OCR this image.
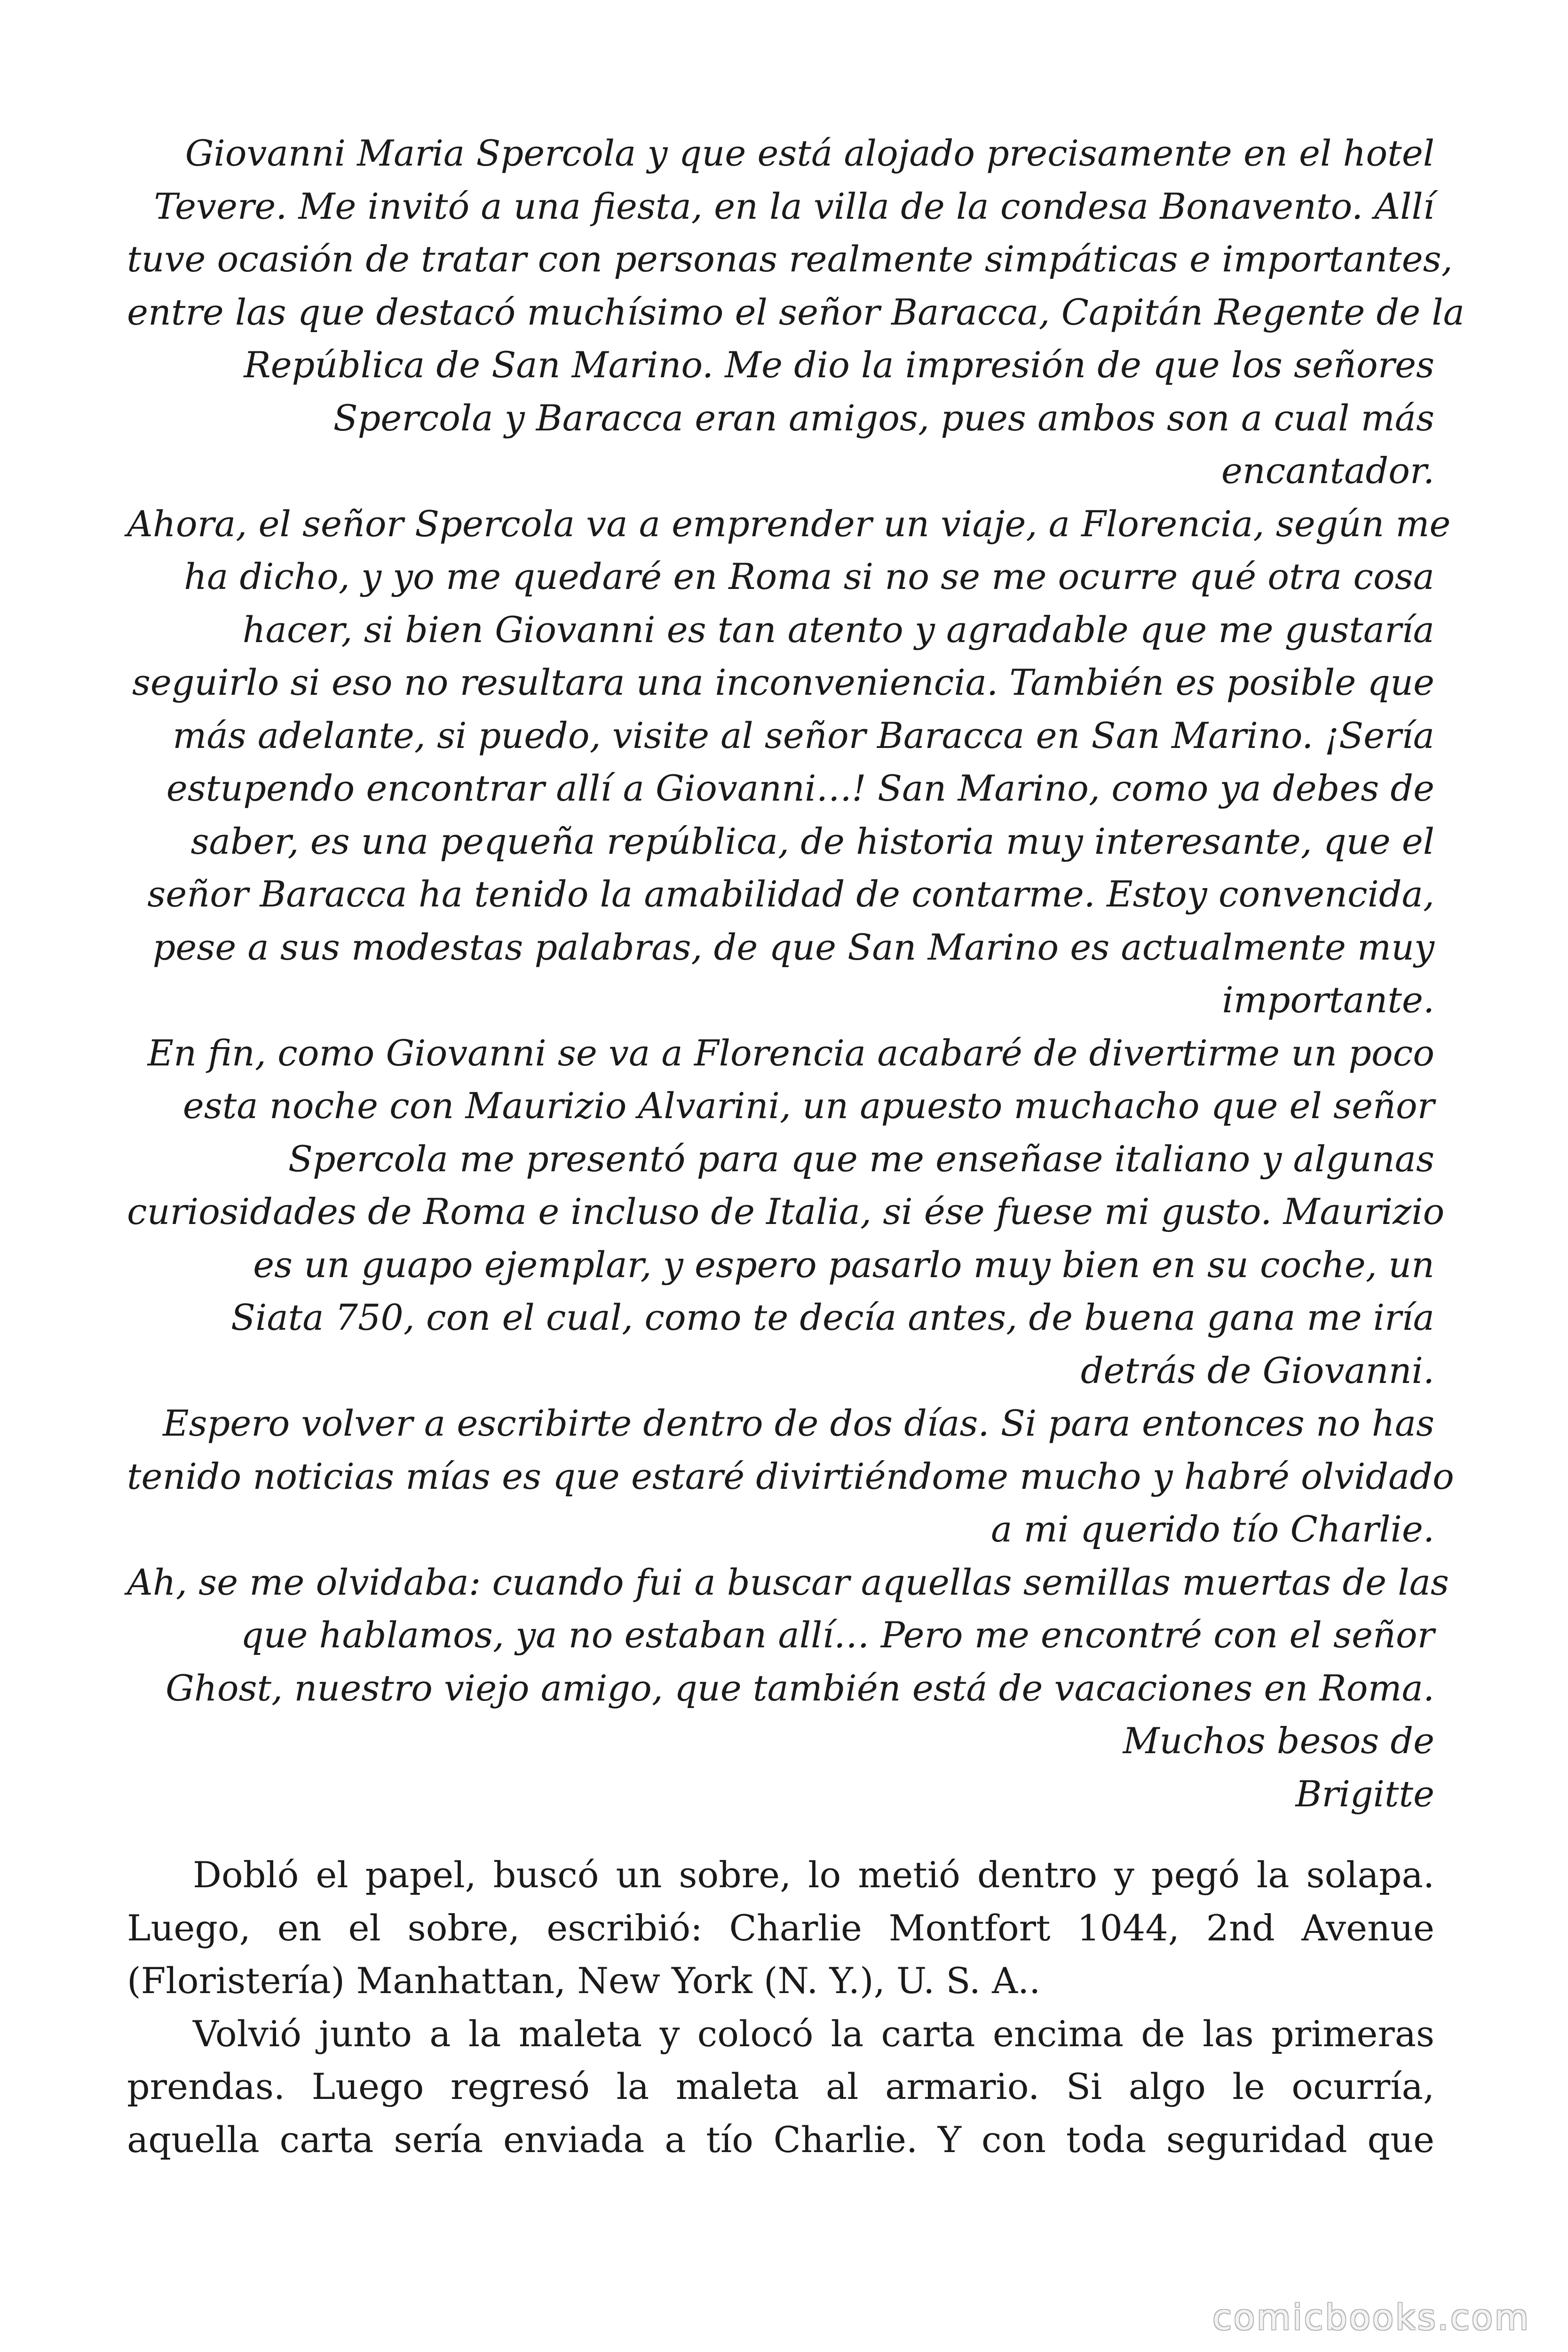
Giovanni Maria Spercola y que está alojado precisamente en el hotel
Tevere. Me invitó a una fiesta, en la villa de la condesa Bonavento. Allí
tuve ocasión de tratar con personas realmente simpáticas e importantes,
entre las que destacó muchísimo el señor Baracca, Capitán Regente de la
República de San Marino. Me dio la impresión de que los señores
Spercola y Baracca eran amigos, pues ambos son a cual más
encantador.
Ahora, el señor Spercola va a emprender un viaje, a Florencia, según me
ha dicho, y yo me quedaré en Roma si no se me ocurre qué otra cosa
hacer, si bien Giovanni es tan atento y agradable que me gustaría
seguirlo si eso no resultara una inconveniencia. También es posible que
más adelante, si puedo, visite al señor Baracca en San Marino. ¡Sería
estupendo encontrar allí a Giovanni…! San Marino, como ya debes de
saber, es una pequeña república, de historia muy interesante, que el
señor Baracca ha tenido la amabilidad de contarme. Estoy convencida,
pese a sus modestas palabras, de que San Marino es actualmente muy
importante.
En fin, como Giovanni se va a Florencia acabaré de divertirme un poco
esta noche con Maurizio Alvarini, un apuesto muchacho que el señor
Spercola me presentó para que me enseñase italiano y algunas
curiosidades de Roma e incluso de Italia, si ése fuese mi gusto. Maurizio
es un guapo ejemplar, y espero pasarlo muy bien en su coche, un
Siata 750, con el cual, como te decía antes, de buena gana me iría
detrás de Giovanni.
Espero volver a escribirte dentro de dos días. Si para entonces no has
tenido noticias mías es que estaré divirtiéndome mucho y habré olvidado
a mi querido tío Charlie.
Ah, se me olvidaba: cuando fui a buscar aquellas semillas muertas de las
que hablamos, ya no estaban allí… Pero me encontré con el señor
Ghost, nuestro viejo amigo, que también está de vacaciones en Roma.
Muchos besos de
Brigitte
Dobló el papel, buscó un sobre, lo metió dentro y pegó la solapa.
Luego, en el sobre, escribió: Charlie Montfort 1044, 2nd Avenue
(Floristería) Manhattan, New York (N. Y.), U. S. A..
Volvió junto a la maleta y colocó la carta encima de las primeras
prendas. Luego regresó la maleta al armario. Si algo le ocurría,
aquella carta sería enviada a tío Charlie. Y con toda seguridad que
comicbooks.com
